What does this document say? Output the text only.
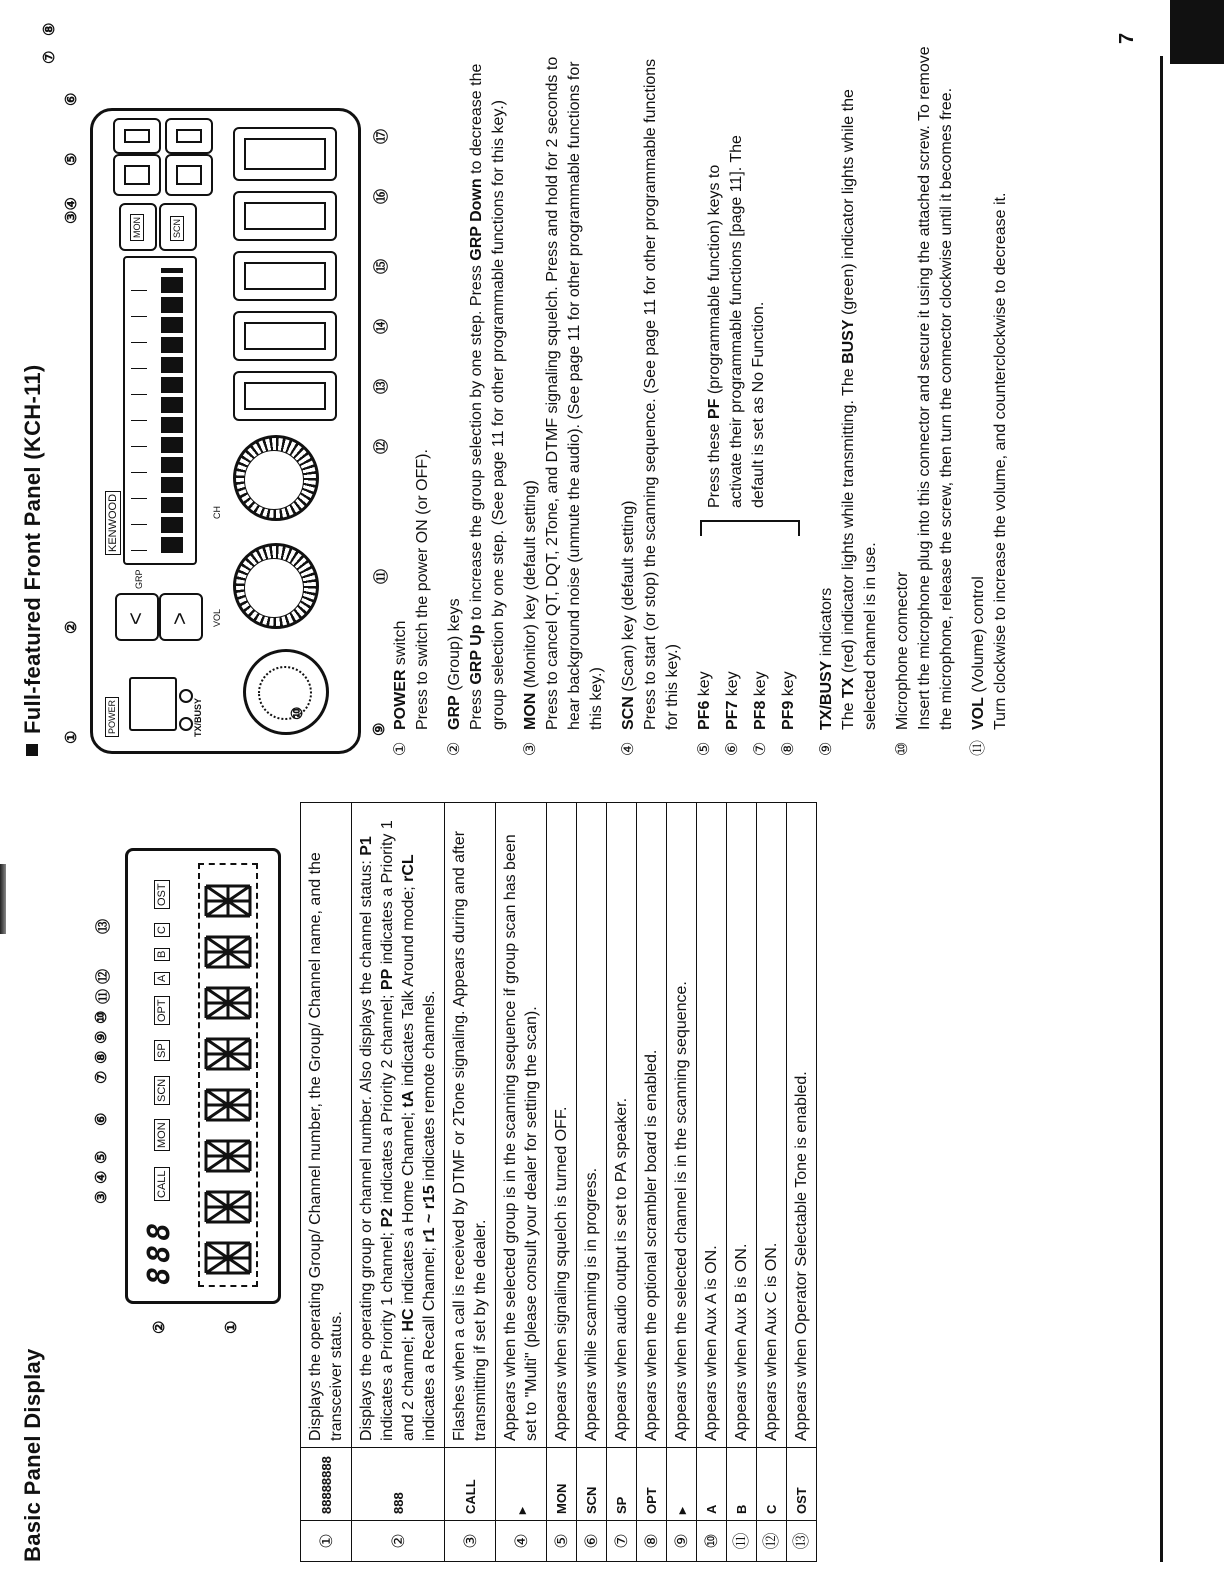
7
Basic Panel Display
888
CALL
MON
SCN
SP
OPT
A
B
C
OST
③
④
⑤
⑥
⑦
⑧
⑨
⑩
⑪
⑫
⑬
②	①
①	88888888	Displays the operating Group/ Channel number, the Group/ Channel name, and the transceiver status.
②	888	Displays the operating group or channel number. Also displays the channel status: P1 indicates a Priority 1 channel; P2 indicates a Priority 2 channel; PP indicates a Priority 1 and 2 channel; HC indicates a Home Channel; tA indicates Talk Around mode; rCL indicates a Recall Channel; r1 ~ r15 indicates remote channels.
③	CALL	Flashes when a call is received by DTMF or 2Tone signaling. Appears during and after transmitting if set by the dealer.
④	▸	Appears when the selected group is in the scanning sequence if group scan has been set to "Multi" (please consult your dealer for setting the scan).
⑤	MON	Appears when signaling squelch is turned OFF.
⑥	SCN	Appears while scanning is in progress.
⑦	SP	Appears when audio output is set to PA speaker.
⑧	OPT	Appears when the optional scrambler board is enabled.
⑨	▸	Appears when the selected channel is in the scanning sequence.
⑩	A	Appears when Aux A is ON.
⑪	B	Appears when Aux B is ON.
⑫	C	Appears when Aux C is ON.
⑬	OST	Appears when Operator Selectable Tone is enabled.
Full-featured Front Panel (KCH-11)	POWER	TX/BUSY
<
GRP
> VOL
CH
KENWOOD
MON	SCN
①
②
③④
⑤
⑥
⑦
⑧
⑨
⑩
⑪
⑫
⑬
⑭
⑮
⑯
⑰
①
POWER switch Press to switch the power ON (or OFF).
②
GRP (Group) keys
Press GRP Up to increase the group selection by one step. Press GRP Down to decrease the group selection by one step. (See page 11 for other programmable functions for this key.)
③
MON (Monitor) key (default setting) Press to cancel QT, DQT, 2Tone, and DTMF signaling squelch. Press and hold for 2 seconds to hear background noise (unmute the audio). (See page 11 for other programmable functions for this key.)
④
SCN (Scan) key (default setting) Press to start (or stop) the scanning sequence. (See page 11 for other programmable functions for this key.)
⑤
PF6 key
⑥
PF7 key
⑦
PF8 key
⑧
PF9 key
Press these PF (programmable function) keys to activate their programmable functions [page 11]. The default is set as No Function.
⑨
TX/BUSY indicators
The TX (red) indicator lights while transmitting. The BUSY (green) indicator lights while the selected channel is in use.
⑩
Microphone connector Insert the microphone plug into this connector and secure it using the attached screw. To remove the microphone, release the screw, then turn the connector clockwise until it becomes free.
⑪
VOL (Volume) control Turn clockwise to increase the volume, and counterclockwise to decrease it.
